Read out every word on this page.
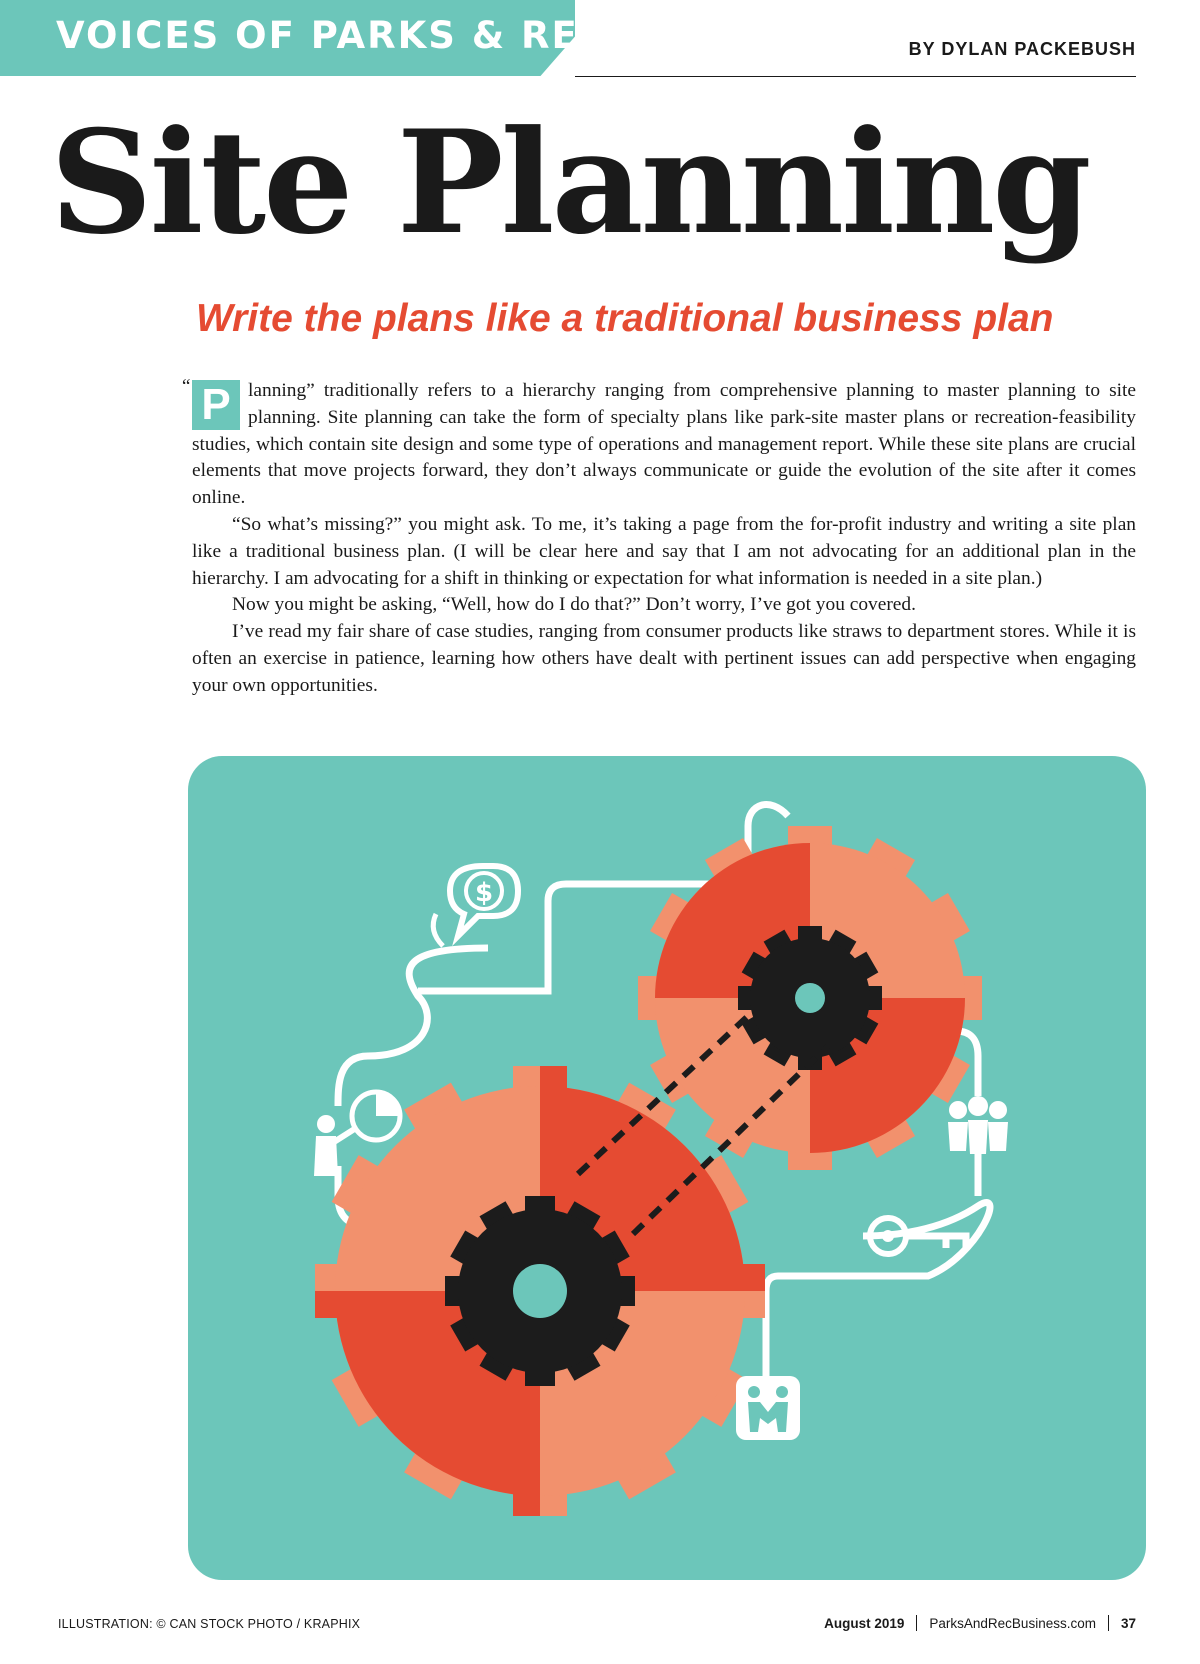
VOICES OF PARKS & REC	BY DYLAN PACKEBUSH
Site Planning
Write the plans like a traditional business plan
“ P lanning” traditionally refers to a hierarchy ranging from comprehensive planning to master planning to site planning. Site planning can take the form of specialty plans like park-site master plans or recreation-feasibility studies, which contain site design and some type of operations and management report. While these site plans are crucial elements that move projects forward, they don’t always communicate or guide the evolution of the site after it comes online.

“So what’s missing?” you might ask. To me, it’s taking a page from the for-profit industry and writing a site plan like a traditional business plan. (I will be clear here and say that I am not advocating for an additional plan in the hierarchy. I am advocating for a shift in thinking or expectation for what information is needed in a site plan.)

Now you might be asking, “Well, how do I do that?” Don’t worry, I’ve got you covered.

I’ve read my fair share of case studies, ranging from consumer products like straws to department stores. While it is often an exercise in patience, learning how others have dealt with pertinent issues can add perspective when engaging your own opportunities.

$
ILLUSTRATION: © CAN STOCK PHOTO / KRAPHIX	August 2019 ParksAndRecBusiness.com 37
